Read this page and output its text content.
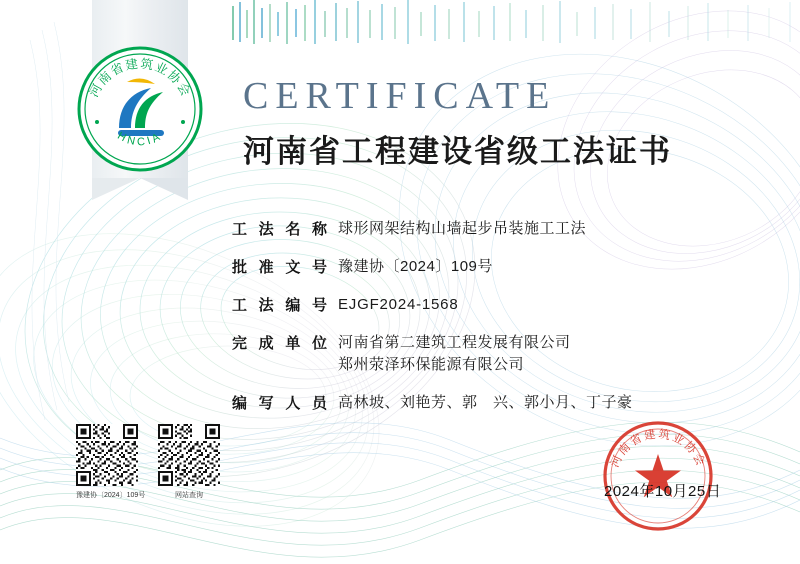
河南省建筑业协会
HNCIA
CERTIFICATE
河南省工程建设省级工法证书
工法名称 球形网架结构山墙起步吊装施工工法
批准文号 豫建协〔2024〕109号
工法编号 EJGF2024-1568
完成单位 河南省第二建筑工程发展有限公司
郑州荥泽环保能源有限公司
编写人员 高林坡、刘艳芳、郭　兴、郭小月、丁子豪
河南省建筑业协会
2024年10月25日
豫建协〔2024〕109号	网站查询
